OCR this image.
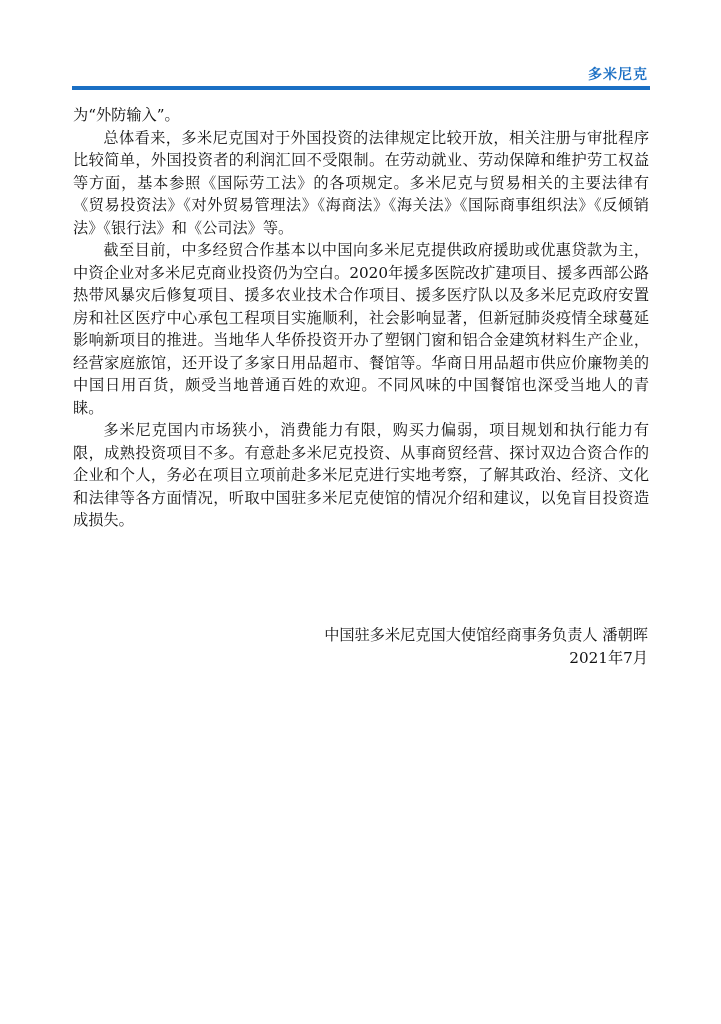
多米尼克

为“外防输入”。

总体看来，多米尼克国对于外国投资的法律规定比较开放，相关注册与审批程序比较简单，外国投资者的利润汇回不受限制。在劳动就业、劳动保障和维护劳工权益等方面，基本参照《国际劳工法》的各项规定。多米尼克与贸易相关的主要法律有《贸易投资法》《对外贸易管理法》《海商法》《海关法》《国际商事组织法》《反倾销法》《银行法》和《公司法》等。

截至目前，中多经贸合作基本以中国向多米尼克提供政府援助或优惠贷款为主，中资企业对多米尼克商业投资仍为空白。2020年援多医院改扩建项目、援多西部公路热带风暴灾后修复项目、援多农业技术合作项目、援多医疗队以及多米尼克政府安置房和社区医疗中心承包工程项目实施顺利，社会影响显著，但新冠肺炎疫情全球蔓延影响新项目的推进。当地华人华侨投资开办了塑钢门窗和铝合金建筑材料生产企业，经营家庭旅馆，还开设了多家日用品超市、餐馆等。华商日用品超市供应价廉物美的中国日用百货，颇受当地普通百姓的欢迎。不同风味的中国餐馆也深受当地人的青睐。

多米尼克国内市场狭小，消费能力有限，购买力偏弱，项目规划和执行能力有限，成熟投资项目不多。有意赴多米尼克投资、从事商贸经营、探讨双边合资合作的企业和个人，务必在项目立项前赴多米尼克进行实地考察，了解其政治、经济、文化和法律等各方面情况，听取中国驻多米尼克使馆的情况介绍和建议，以免盲目投资造成损失。

中国驻多米尼克国大使馆经商事务负责人 潘朝晖
2021年7月
